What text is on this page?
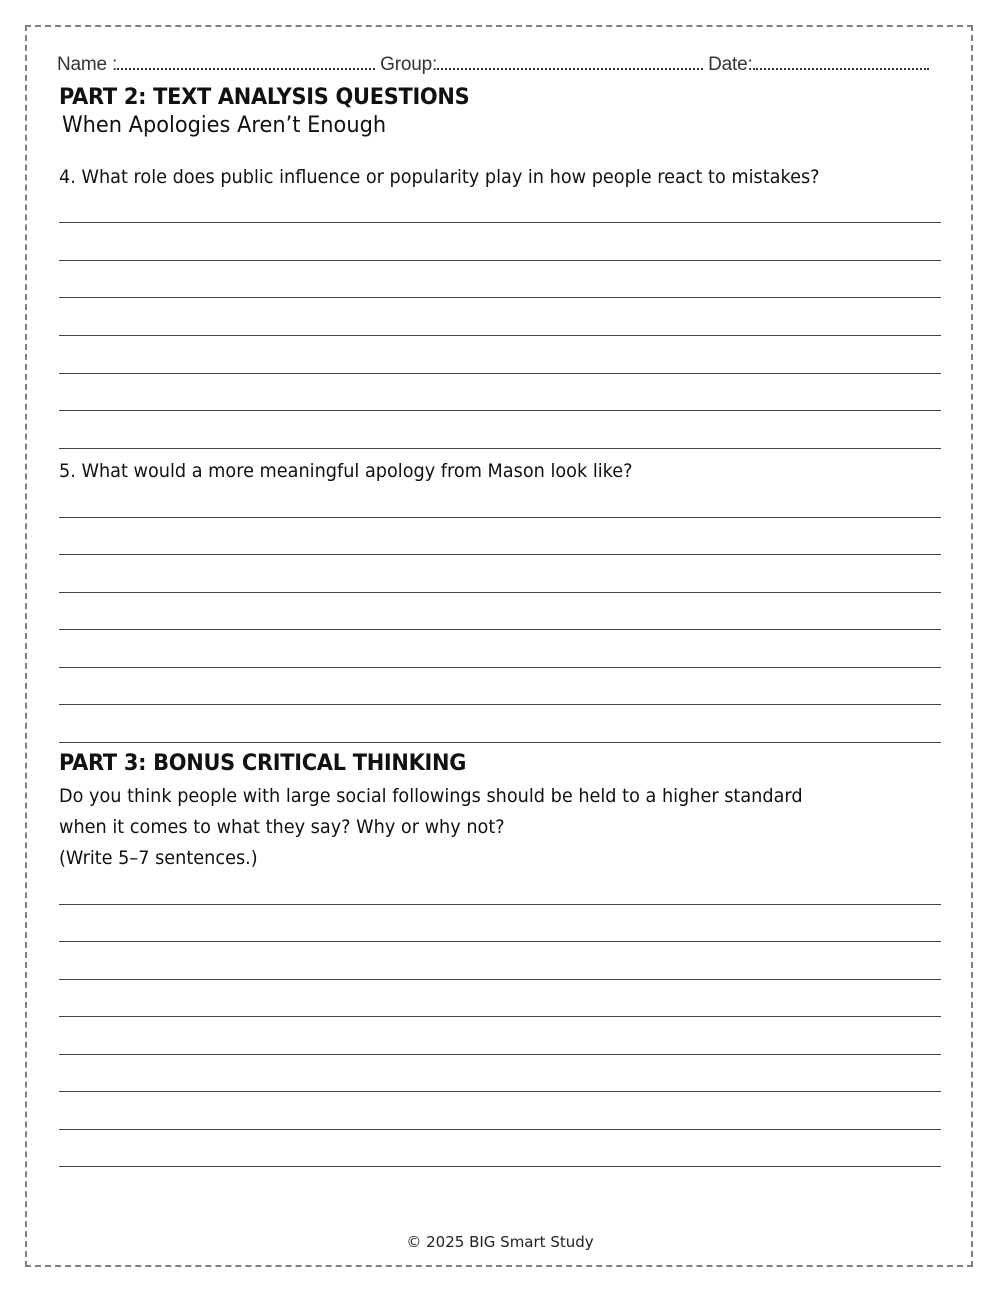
Name :	Group:	Date:
PART 2: TEXT ANALYSIS QUESTIONS
When Apologies Aren’t Enough
4. What role does public influence or popularity play in how people react to mistakes?
5. What would a more meaningful apology from Mason look like?
PART 3: BONUS CRITICAL THINKING
Do you think people with large social followings should be held to a higher standard
when it comes to what they say? Why or why not?
(Write 5–7 sentences.)
© 2025 BIG Smart Study
